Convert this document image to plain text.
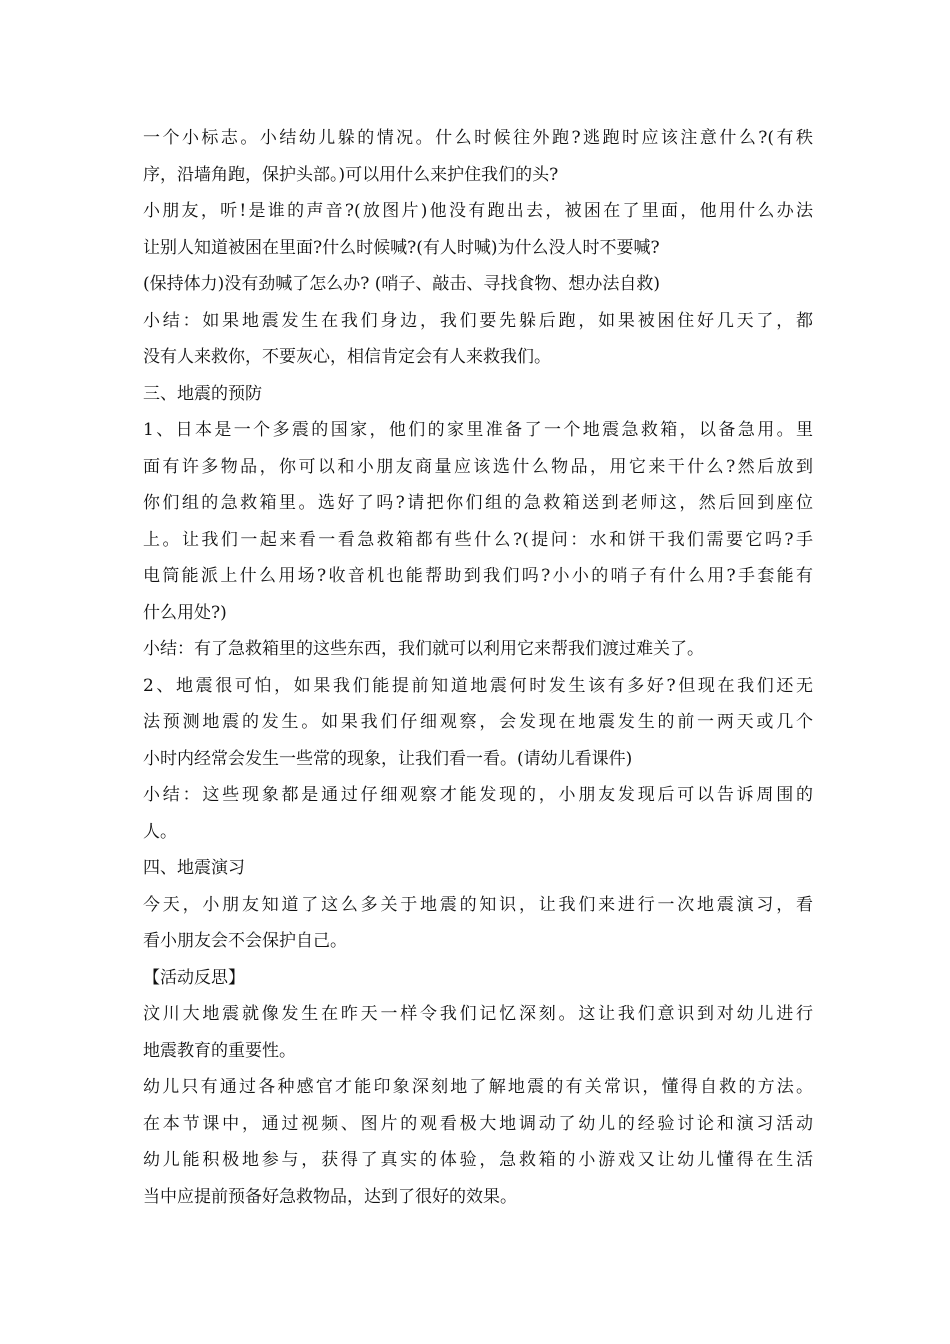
一个小标志。小结幼儿躲的情况。什么时候往外跑?逃跑时应该注意什么?(有秩
序，沿墙角跑，保护头部。)可以用什么来护住我们的头?
小朋友，听!是谁的声音?(放图片)他没有跑出去，被困在了里面，他用什么办法
让别人知道被困在里面?什么时候喊?(有人时喊)为什么没人时不要喊?
(保持体力)没有劲喊了怎么办? (哨子、敲击、寻找食物、想办法自救)
小结：如果地震发生在我们身边，我们要先躲后跑，如果被困住好几天了，都
没有人来救你，不要灰心，相信肯定会有人来救我们。
三、地震的预防
1、日本是一个多震的国家，他们的家里准备了一个地震急救箱，以备急用。里
面有许多物品，你可以和小朋友商量应该选什么物品，用它来干什么?然后放到
你们组的急救箱里。选好了吗?请把你们组的急救箱送到老师这，然后回到座位
上。让我们一起来看一看急救箱都有些什么?(提问：水和饼干我们需要它吗?手
电筒能派上什么用场?收音机也能帮助到我们吗?小小的哨子有什么用?手套能有
什么用处?)
小结：有了急救箱里的这些东西，我们就可以利用它来帮我们渡过难关了。
2、地震很可怕，如果我们能提前知道地震何时发生该有多好?但现在我们还无
法预测地震的发生。如果我们仔细观察，会发现在地震发生的前一两天或几个
小时内经常会发生一些常的现象，让我们看一看。(请幼儿看课件)
小结：这些现象都是通过仔细观察才能发现的，小朋友发现后可以告诉周围的
人。
四、地震演习
今天，小朋友知道了这么多关于地震的知识，让我们来进行一次地震演习，看
看小朋友会不会保护自己。
【活动反思】
汶川大地震就像发生在昨天一样令我们记忆深刻。这让我们意识到对幼儿进行
地震教育的重要性。
幼儿只有通过各种感官才能印象深刻地了解地震的有关常识，懂得自救的方法。
在本节课中，通过视频、图片的观看极大地调动了幼儿的经验讨论和演习活动
幼儿能积极地参与，获得了真实的体验，急救箱的小游戏又让幼儿懂得在生活
当中应提前预备好急救物品，达到了很好的效果。
